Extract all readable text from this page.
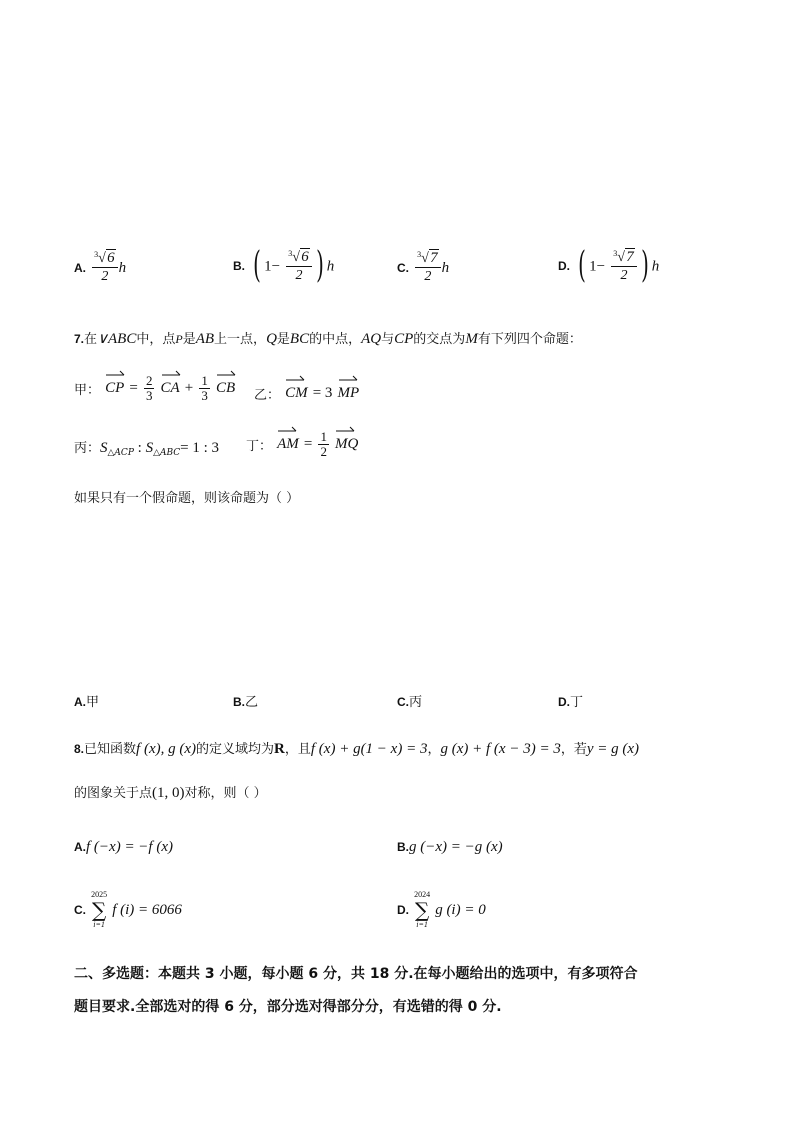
A. $\frac{3 √ 6}{2}$ h	B. ( $1- \frac{3 √ 6}{2}$ ) h	C. $\frac{3 √ 7}{2}$ h	D. ( $1- \frac{3 √ 7}{2}$ ) h
7.在∨ABC中，点P是AB上一点，Q是BC的中点，AQ与CP的交点为M有下列四个命题：
甲： CP = $\frac{2}{3}$
CA + $\frac{1}{3}$
CB 乙： CM = 3 MP
丙：$S_{\triangle ACP}$ : $S_{\triangle ABC}= 1$ : 3 丁： AM = $\frac{1}{2}$
MQ
如果只有一个假命题，则该命题为（ ）
A.甲	B.乙	C.丙	D.丁
8.已知函数f (x), g (x)的定义域均为R，且f (x) + g(1 − x) = 3，g (x) + f (x − 3) = 3，若y = g (x)
的图象关于点(1, 0)对称，则（ ）
A.f (−x) = −f (x)	B.g (−x) = −g (x)
C.
2025
∑
i=1
f (i) = 6066	D.
2024
∑
i=1
g (i) = 0
二、多选题：本题共 3 小题，每小题 6 分，共 18 分.在每小题给出的选项中，有多项符合
题目要求.全部选对的得 6 分，部分选对得部分分，有选错的得 0 分.
